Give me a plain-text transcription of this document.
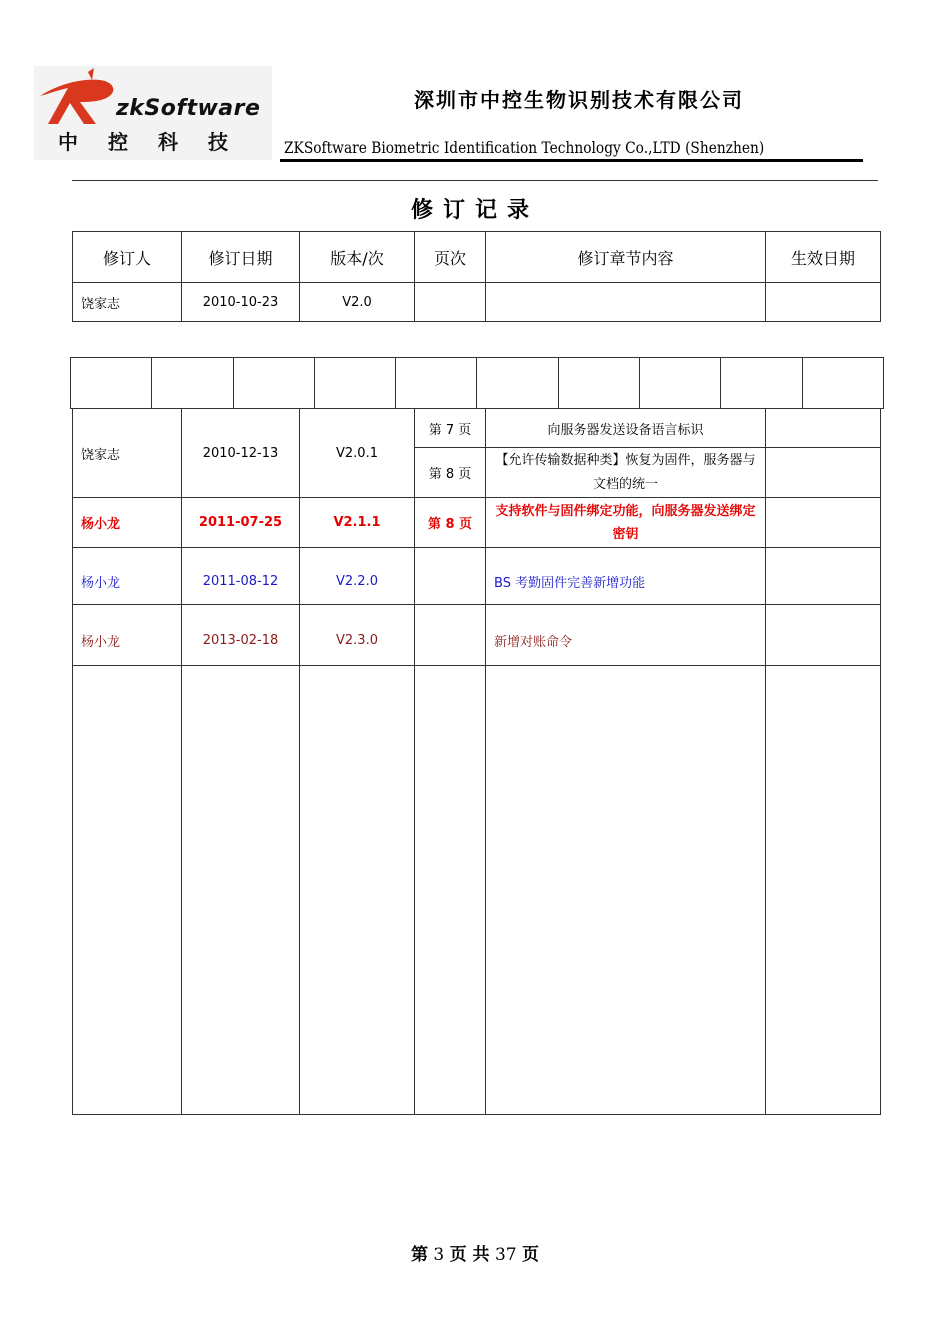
zkSoftware
中控科技
深圳市中控生物识别技术有限公司
ZKSoftware Biometric Identification Technology Co.,LTD (Shenzhen)
修订记录
修订人	修订日期	版本/次	页次	修订章节内容	生效日期
饶家志	2010-10-23	V2.0			

饶家志	2010-12-13	V2.0.1	第 7 页	向服务器发送设备语言标识	
			第 8 页	【允许传输数据种类】恢复为固件，服务器与文档的统一	
杨小龙	2011-07-25	V2.1.1	第 8 页	支持软件与固件绑定功能，向服务器发送绑定密钥	
杨小龙	2011-08-12	V2.2.0		BS 考勤固件完善新增功能	
杨小龙	2013-02-18	V2.3.0		新增对账命令	

第 3 页 共 37 页
